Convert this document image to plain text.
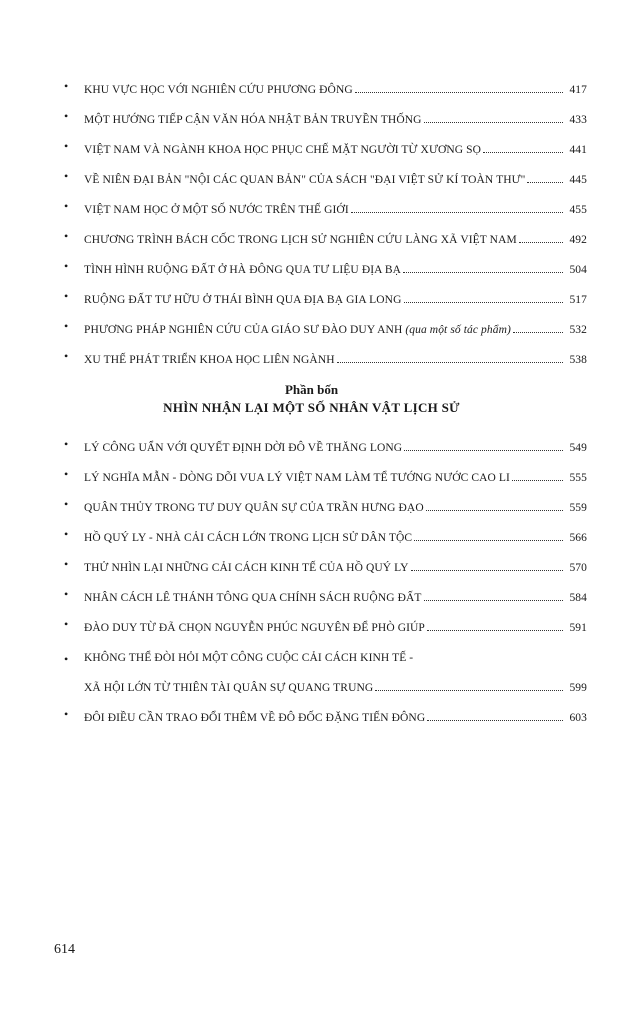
• KHU VỰC HỌC VỚI NGHIÊN CỨU PHƯƠNG ĐÔNG	417
• MỘT HƯỚNG TIẾP CẬN VĂN HÓA NHẬT BẢN TRUYỀN THỐNG	433
• VIỆT NAM VÀ NGÀNH KHOA HỌC PHỤC CHẾ MẶT NGƯỜI TỪ XƯƠNG SỌ	441
• VỀ NIÊN ĐẠI BẢN "NỘI CÁC QUAN BẢN" CỦA SÁCH "ĐẠI VIỆT SỬ KÍ TOÀN THƯ"	445
• VIỆT NAM HỌC Ở MỘT SỐ NƯỚC TRÊN THẾ GIỚI	455
• CHƯƠNG TRÌNH BÁCH CỐC TRONG LỊCH SỬ NGHIÊN CỨU LÀNG XÃ VIỆT NAM	492
• TÌNH HÌNH RUỘNG ĐẤT Ở HÀ ĐÔNG QUA TƯ LIỆU ĐỊA BẠ	504
• RUỘNG ĐẤT TƯ HỮU Ở THÁI BÌNH QUA ĐỊA BẠ GIA LONG	517
• PHƯƠNG PHÁP NGHIÊN CỨU CỦA GIÁO SƯ ĐÀO DUY ANH (qua một số tác phẩm)	532
• XU THẾ PHÁT TRIỂN KHOA HỌC LIÊN NGÀNH	538
Phần bốn
NHÌN NHẬN LẠI MỘT SỐ NHÂN VẬT LỊCH SỬ
• LÝ CÔNG UẨN VỚI QUYẾT ĐỊNH DỜI ĐÔ VỀ THĂNG LONG	549
• LÝ NGHĨA MẪN - DÒNG DÕI VUA LÝ VIỆT NAM LÀM TỂ TƯỚNG NƯỚC CAO LI	555
• QUÂN THỦY TRONG TƯ DUY QUÂN SỰ CỦA TRẦN HƯNG ĐẠO	559
• HỒ QUÝ LY - NHÀ CẢI CÁCH LỚN TRONG LỊCH SỬ DÂN TỘC	566
• THỬ NHÌN LẠI NHỮNG CẢI CÁCH KINH TẾ CỦA HỒ QUÝ LY	570
• NHÂN CÁCH LÊ THÁNH TÔNG QUA CHÍNH SÁCH RUỘNG ĐẤT	584
• ĐÀO DUY TỪ ĐÃ CHỌN NGUYỄN PHÚC NGUYÊN ĐỂ PHÒ GIÚP	591
• KHÔNG THỂ ĐÒI HỎI MỘT CÔNG CUỘC CẢI CÁCH KINH TẾ -
XÃ HỘI LỚN TỪ THIÊN TÀI QUÂN SỰ QUANG TRUNG	599
• ĐÔI ĐIỀU CẦN TRAO ĐỔI THÊM VỀ ĐÔ ĐỐC ĐẶNG TIẾN ĐÔNG	603
614
